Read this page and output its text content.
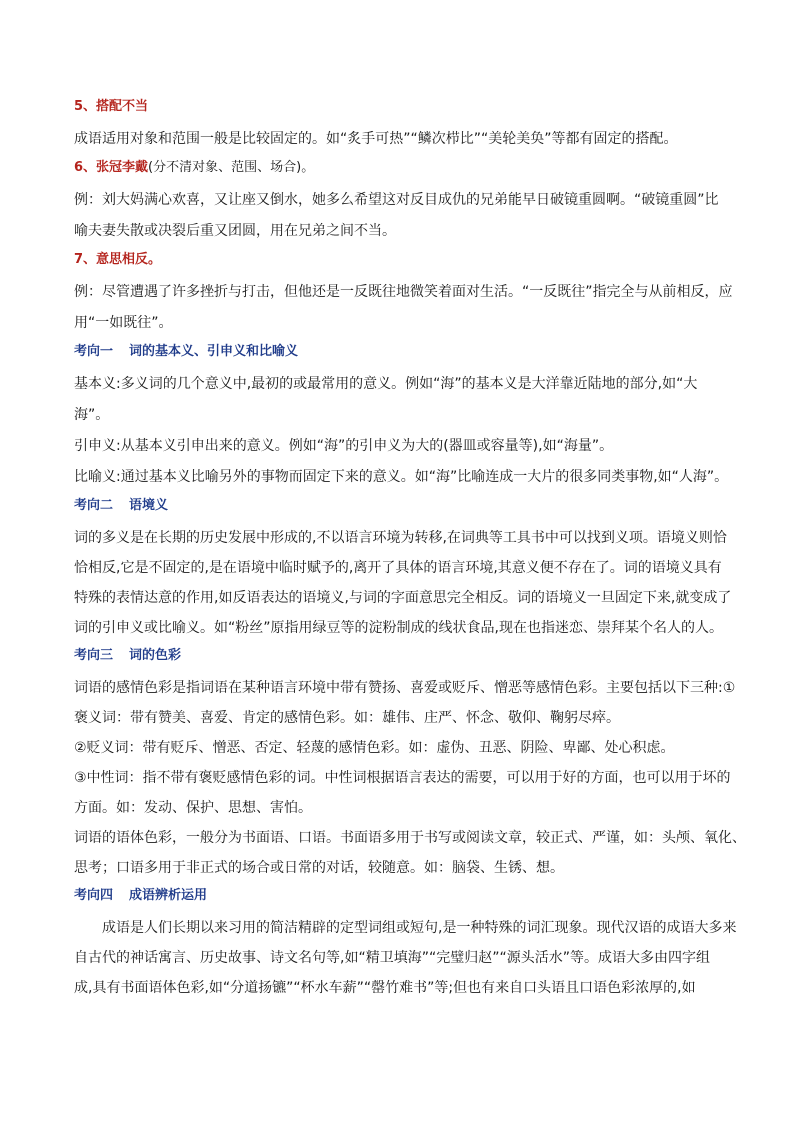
5、搭配不当

成语适用对象和范围一般是比较固定的。如“炙手可热”“鳞次栉比”“美轮美奂”等都有固定的搭配。

6、张冠李戴(分不清对象、范围、场合)。

例：刘大妈满心欢喜，又让座又倒水，她多么希望这对反目成仇的兄弟能早日破镜重圆啊。“破镜重圆”比

喻夫妻失散或决裂后重又团圆，用在兄弟之间不当。

7、意思相反。

例：尽管遭遇了许多挫折与打击，但他还是一反既往地微笑着面对生活。“一反既往”指完全与从前相反，应

用“一如既往”。

考向一 词的基本义、引申义和比喻义

基本义:多义词的几个意义中,最初的或最常用的意义。例如“海”的基本义是大洋靠近陆地的部分,如“大

海”。

引申义:从基本义引申出来的意义。例如“海”的引申义为大的(器皿或容量等),如“海量”。

比喻义:通过基本义比喻另外的事物而固定下来的意义。如“海”比喻连成一大片的很多同类事物,如“人海”。

考向二 语境义

词的多义是在长期的历史发展中形成的,不以语言环境为转移,在词典等工具书中可以找到义项。语境义则恰

恰相反,它是不固定的,是在语境中临时赋予的,离开了具体的语言环境,其意义便不存在了。词的语境义具有

特殊的表情达意的作用,如反语表达的语境义,与词的字面意思完全相反。词的语境义一旦固定下来,就变成了

词的引申义或比喻义。如“粉丝”原指用绿豆等的淀粉制成的线状食品,现在也指迷恋、崇拜某个名人的人。

考向三 词的色彩

词语的感情色彩是指词语在某种语言环境中带有赞扬、喜爱或贬斥、憎恶等感情色彩。主要包括以下三种:①

褒义词：带有赞美、喜爱、肯定的感情色彩。如：雄伟、庄严、怀念、敬仰、鞠躬尽瘁。

②贬义词：带有贬斥、憎恶、否定、轻蔑的感情色彩。如：虚伪、丑恶、阴险、卑鄙、处心积虑。

③中性词：指不带有褒贬感情色彩的词。中性词根据语言表达的需要，可以用于好的方面，也可以用于坏的

方面。如：发动、保护、思想、害怕。

词语的语体色彩，一般分为书面语、口语。书面语多用于书写或阅读文章，较正式、严谨，如：头颅、氧化、

思考；口语多用于非正式的场合或日常的对话，较随意。如：脑袋、生锈、想。

考向四 成语辨析运用

成语是人们长期以来习用的简洁精辟的定型词组或短句,是一种特殊的词汇现象。现代汉语的成语大多来

自古代的神话寓言、历史故事、诗文名句等,如“精卫填海”“完璧归赵”“源头活水”等。成语大多由四字组

成,具有书面语体色彩,如“分道扬镳”“杯水车薪”“罄竹难书”等;但也有来自口头语且口语色彩浓厚的,如
